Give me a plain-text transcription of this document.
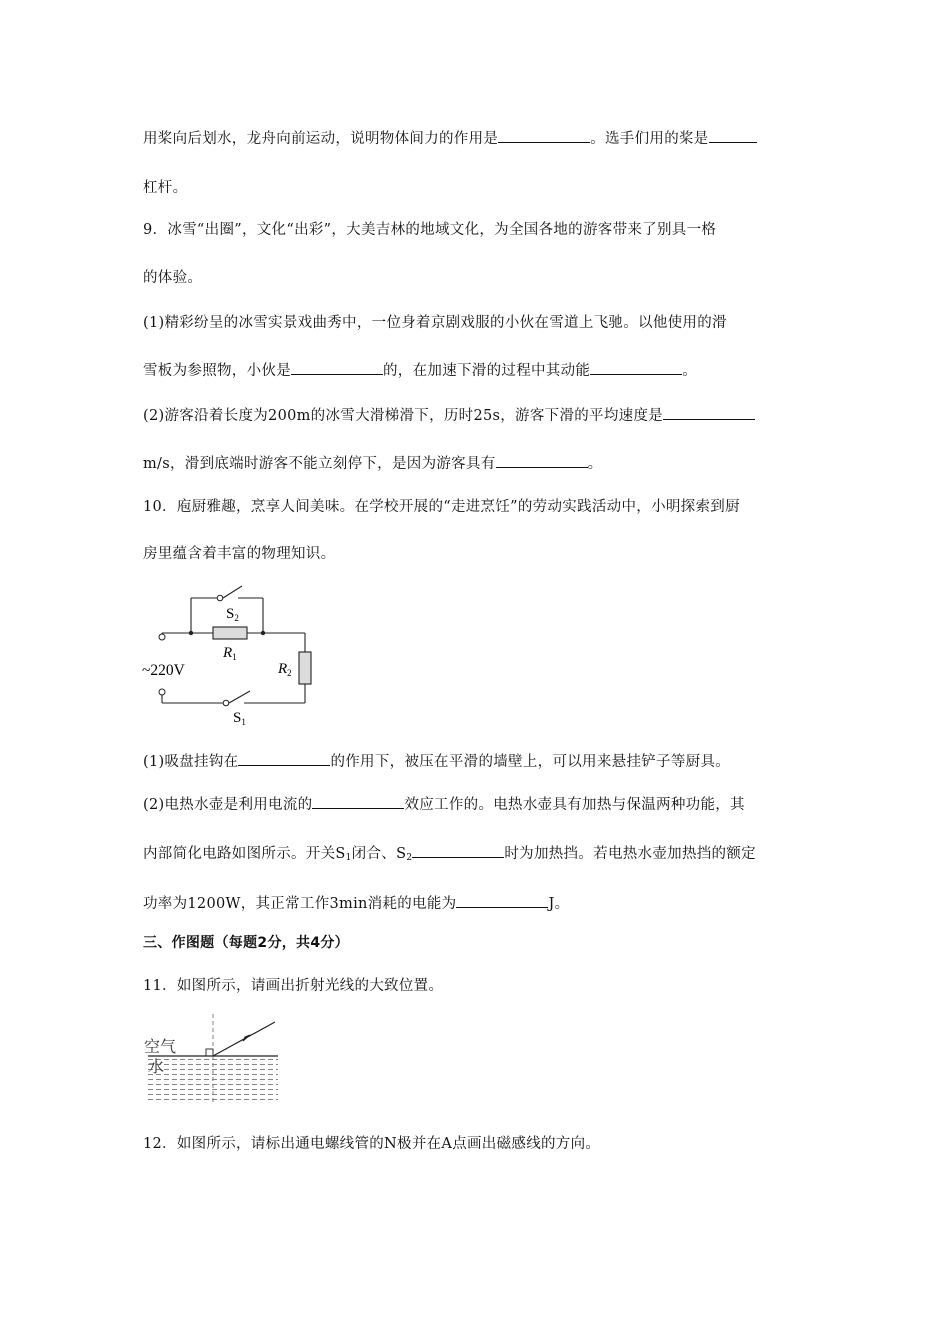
用桨向后划水，龙舟向前运动，说明物体间力的作用是	。选手们用的桨是
杠杆。
9．冰雪“出圈”，文化“出彩”，大美吉林的地域文化，为全国各地的游客带来了别具一格
的体验。
(1)精彩纷呈的冰雪实景戏曲秀中，一位身着京剧戏服的小伙在雪道上飞驰。以他使用的滑
雪板为参照物，小伙是	的，在加速下滑的过程中其动能	。
(2)游客沿着长度为200m的冰雪大滑梯滑下，历时25s，游客下滑的平均速度是
m/s，滑到底端时游客不能立刻停下，是因为游客具有	。
10．庖厨雅趣，烹享人间美味。在学校开展的“走进烹饪”的劳动实践活动中，小明探索到厨
房里蕴含着丰富的物理知识。
$S_2$
$R_1$
$R_2$
~220V
$S_1$
(1)吸盘挂钩在	的作用下，被压在平滑的墙壁上，可以用来悬挂铲子等厨具。
(2)电热水壶是利用电流的	效应工作的。电热水壶具有加热与保温两种功能，其
内部简化电路如图所示。开关$S_1$闭合、$S_2$	时为加热挡。若电热水壶加热挡的额定
功率为1200W，其正常工作3min消耗的电能为	J。
三、作图题（每题2分，共4分）
11．如图所示，请画出折射光线的大致位置。
空气
水
12．如图所示，请标出通电螺线管的N极并在A点画出磁感线的方向。
